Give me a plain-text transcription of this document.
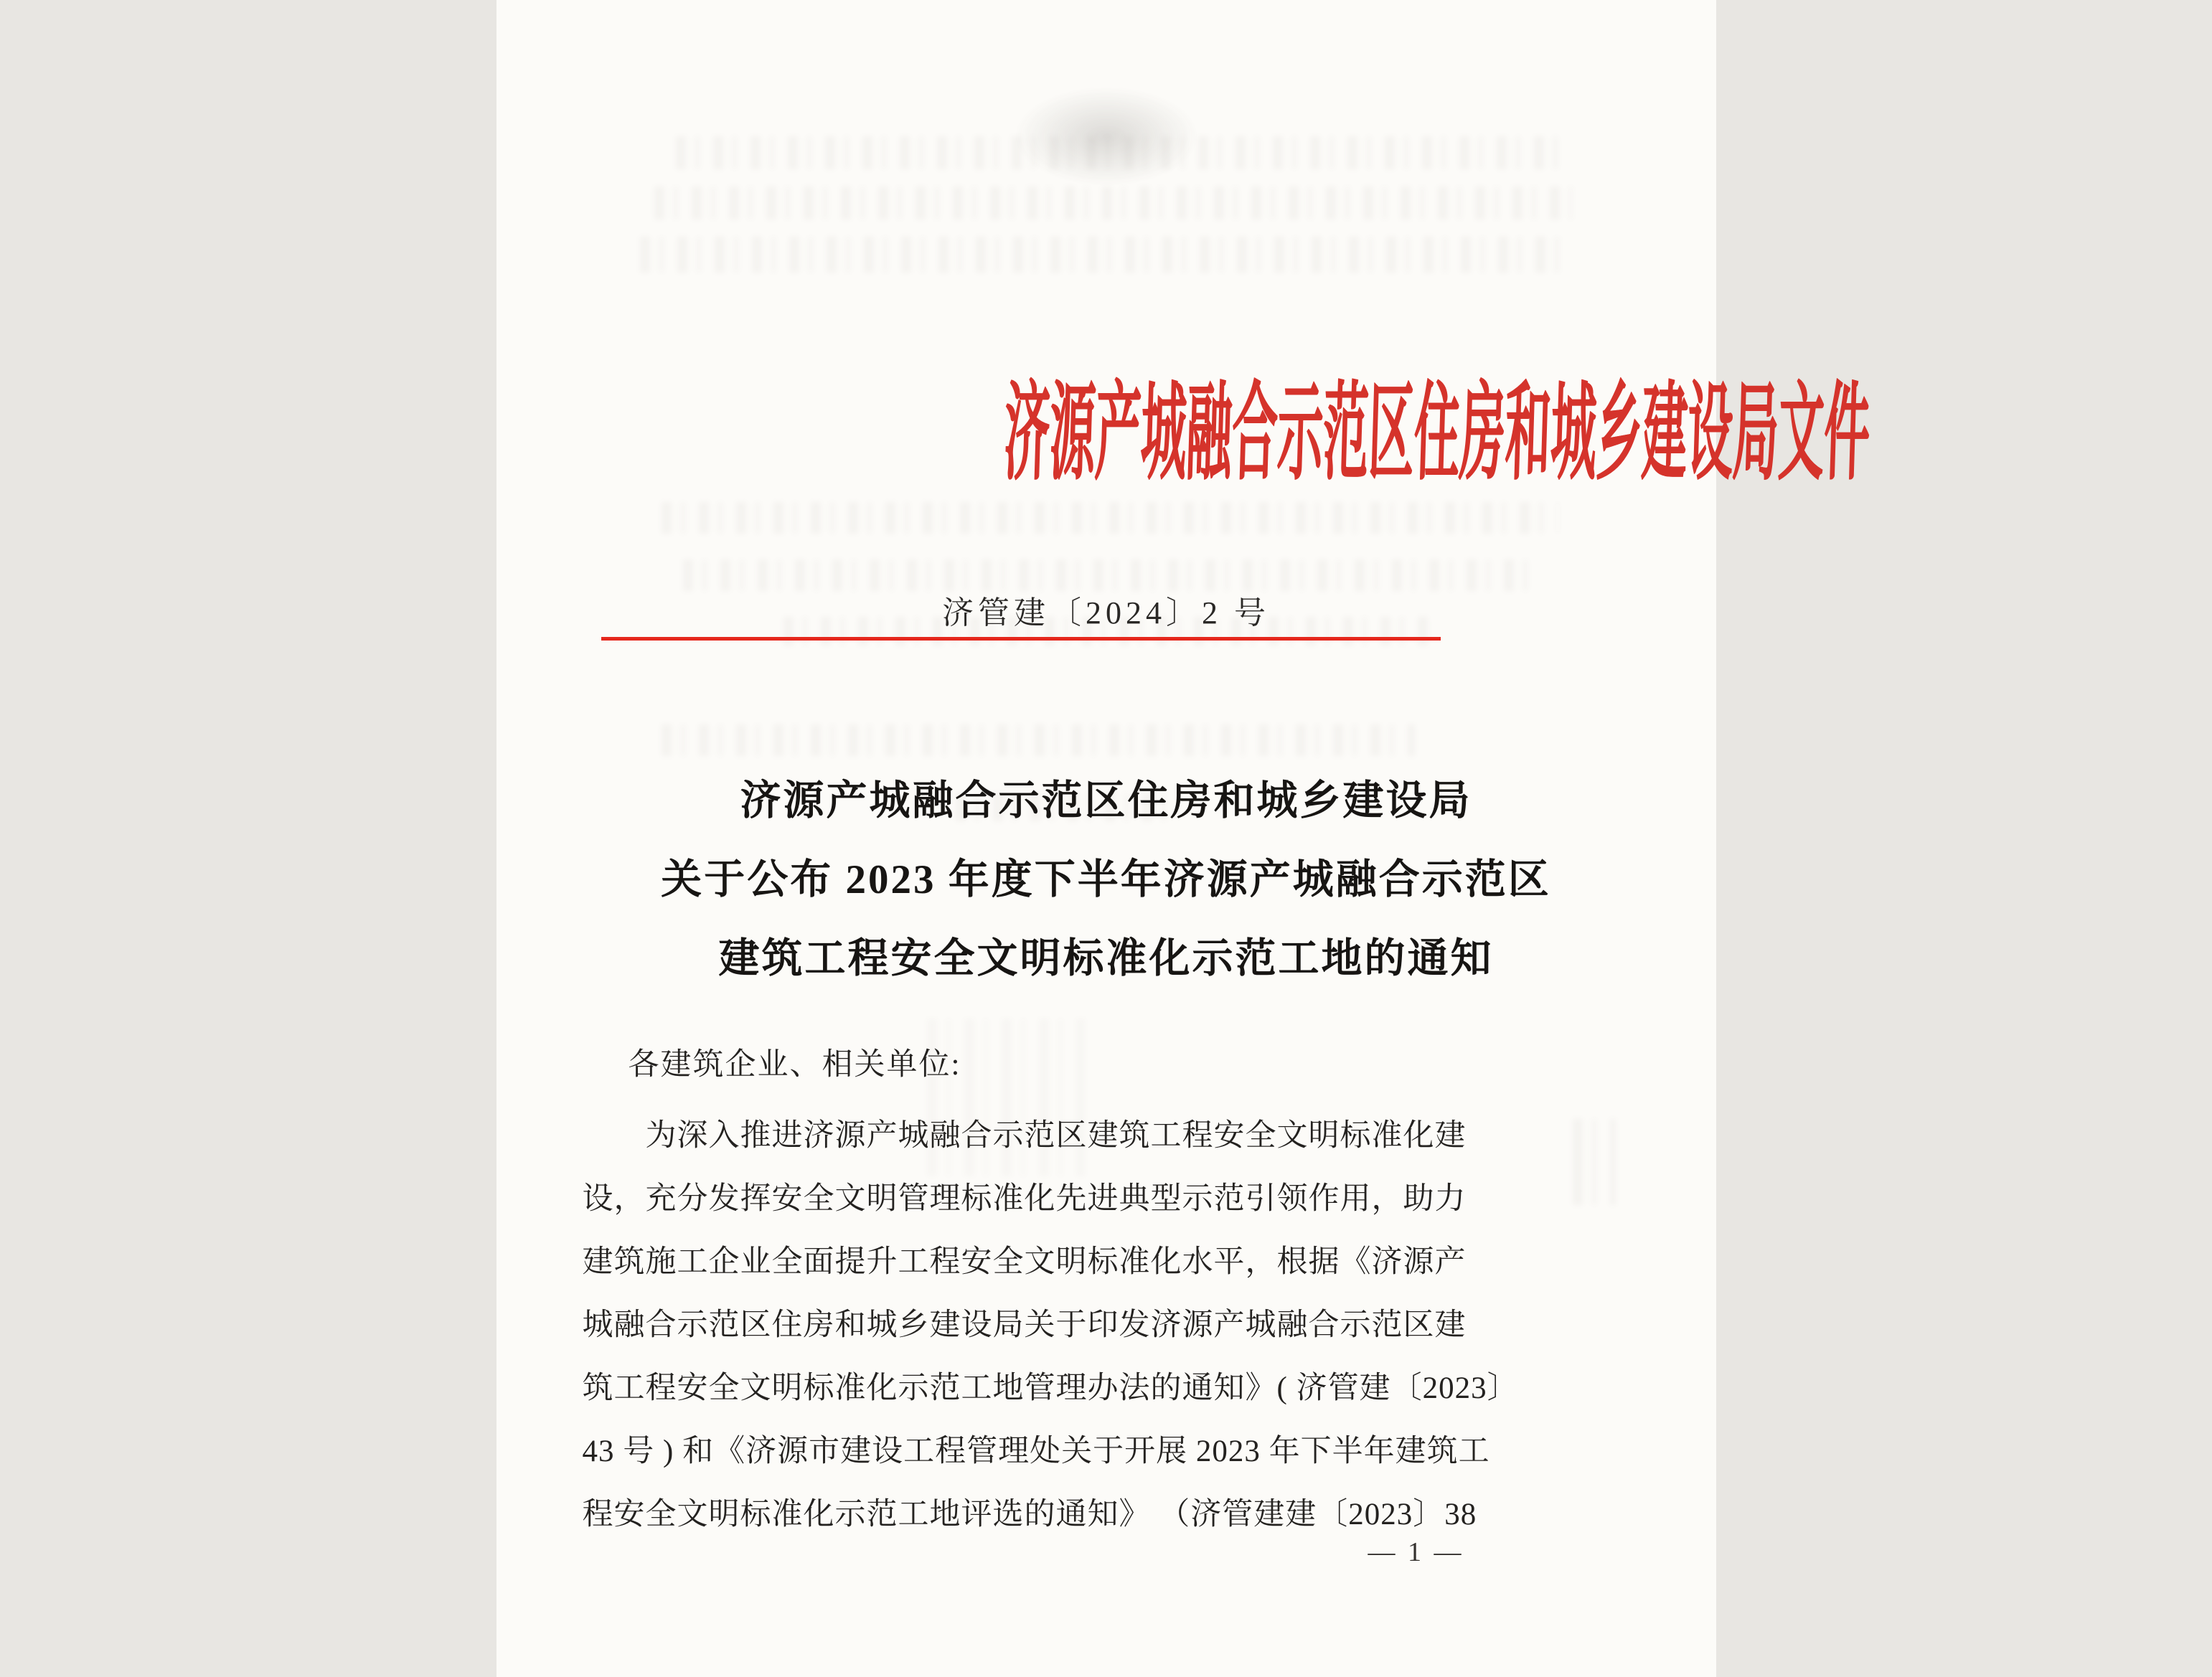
济源产城融合示范区住房和城乡建设局文件
济管建〔2024〕2 号
济源产城融合示范区住房和城乡建设局
关于公布 2023 年度下半年济源产城融合示范区
建筑工程安全文明标准化示范工地的通知
各建筑企业、相关单位:
为深入推进济源产城融合示范区建筑工程安全文明标准化建
设，充分发挥安全文明管理标准化先进典型示范引领作用，助力
建筑施工企业全面提升工程安全文明标准化水平，根据《济源产
城融合示范区住房和城乡建设局关于印发济源产城融合示范区建
筑工程安全文明标准化示范工地管理办法的通知》( 济管建〔2023〕
43 号 ) 和《济源市建设工程管理处关于开展 2023 年下半年建筑工
程安全文明标准化示范工地评选的通知》 （济管建建〔2023〕38
— 1 —
